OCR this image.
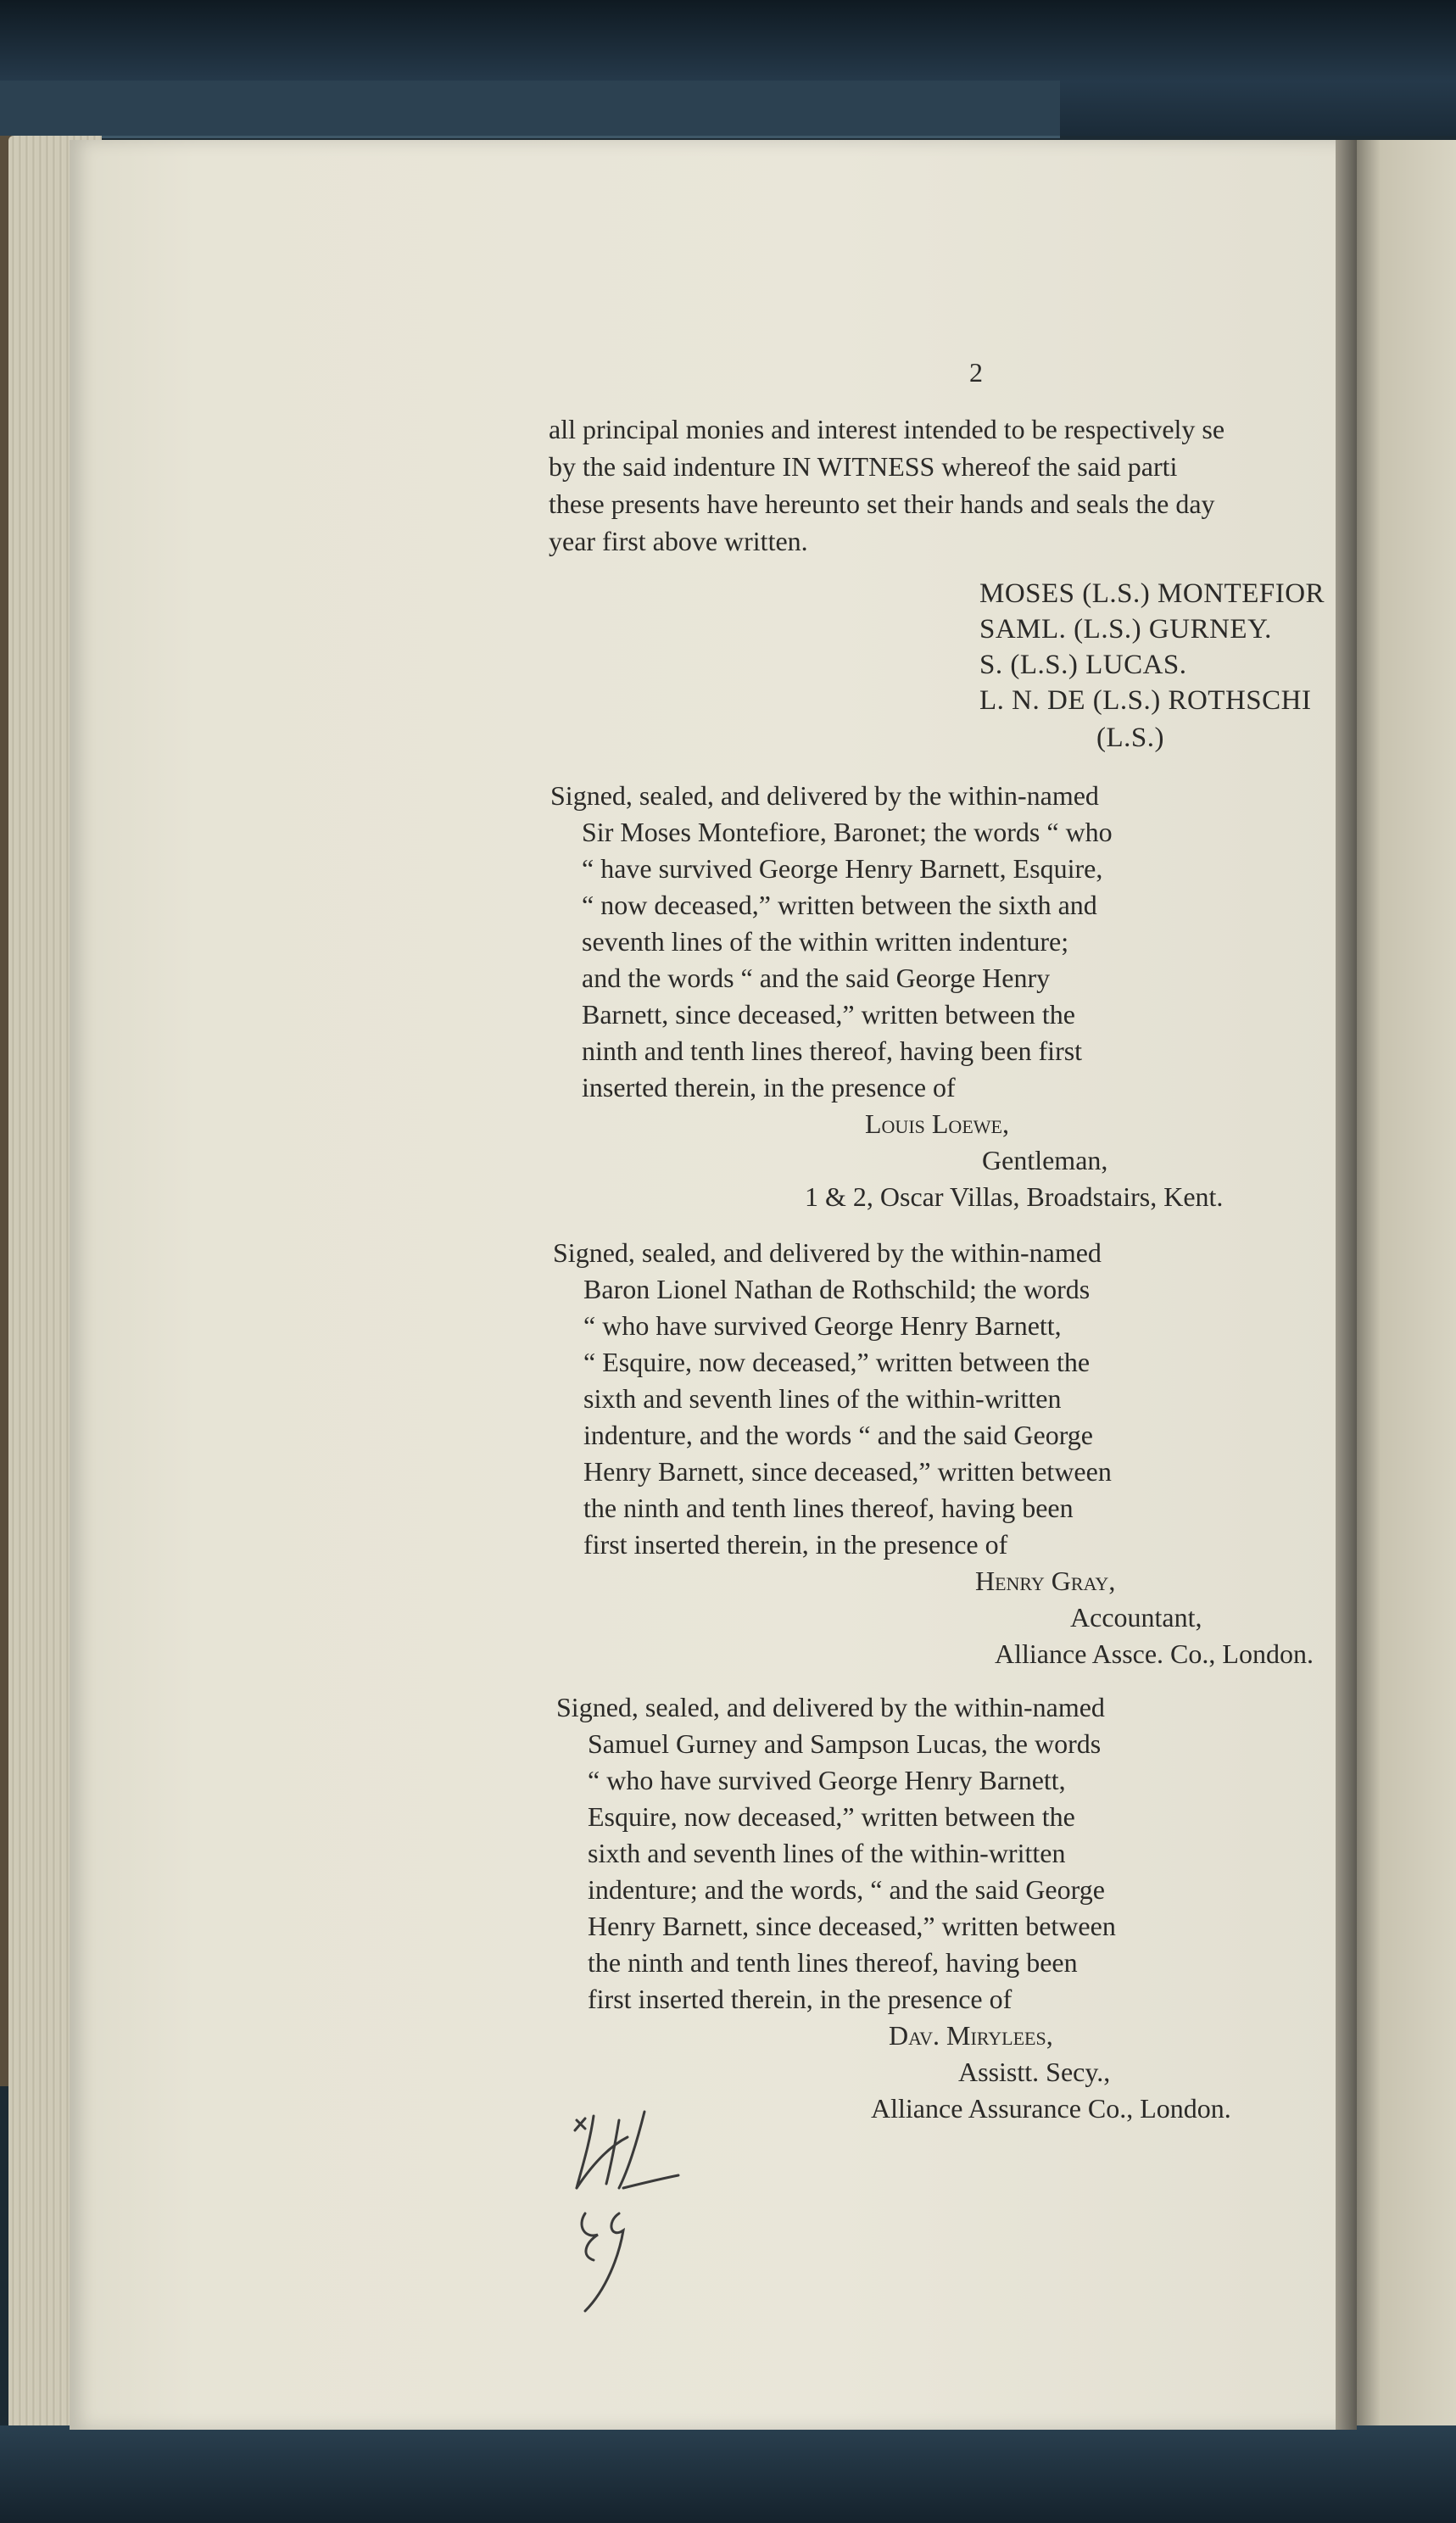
2
all principal monies and interest intended to be respectively se
by the said indenture IN WITNESS whereof the said parti
these presents have hereunto set their hands and seals the day
year first above written.
MOSES (L.S.) MONTEFIOR
SAML. (L.S.) GURNEY.
S. (L.S.) LUCAS.
L. N. DE (L.S.) ROTHSCHI
(L.S.)
Signed, sealed, and delivered by the within-named
Sir Moses Montefiore, Baronet; the words “ who
“ have survived George Henry Barnett, Esquire,
“ now deceased,” written between the sixth and
seventh lines of the within written indenture;
and the words “ and the said George Henry
Barnett, since deceased,” written between the
ninth and tenth lines thereof, having been first
inserted therein, in the presence of
Louis Loewe,
Gentleman,
1 & 2, Oscar Villas, Broadstairs, Kent.
Signed, sealed, and delivered by the within-named
Baron Lionel Nathan de Rothschild; the words
“ who have survived George Henry Barnett,
“ Esquire, now deceased,” written between the
sixth and seventh lines of the within-written
indenture, and the words “ and the said George
Henry Barnett, since deceased,” written between
the ninth and tenth lines thereof, having been
first inserted therein, in the presence of
Henry Gray,
Accountant,
Alliance Assce. Co., London.
Signed, sealed, and delivered by the within-named
Samuel Gurney and Sampson Lucas, the words
“ who have survived George Henry Barnett,
Esquire, now deceased,” written between the
sixth and seventh lines of the within-written
indenture; and the words, “ and the said George
Henry Barnett, since deceased,” written between
the ninth and tenth lines thereof, having been
first inserted therein, in the presence of
Dav. Mirylees,
Assistt. Secy.,
Alliance Assurance Co., London.
